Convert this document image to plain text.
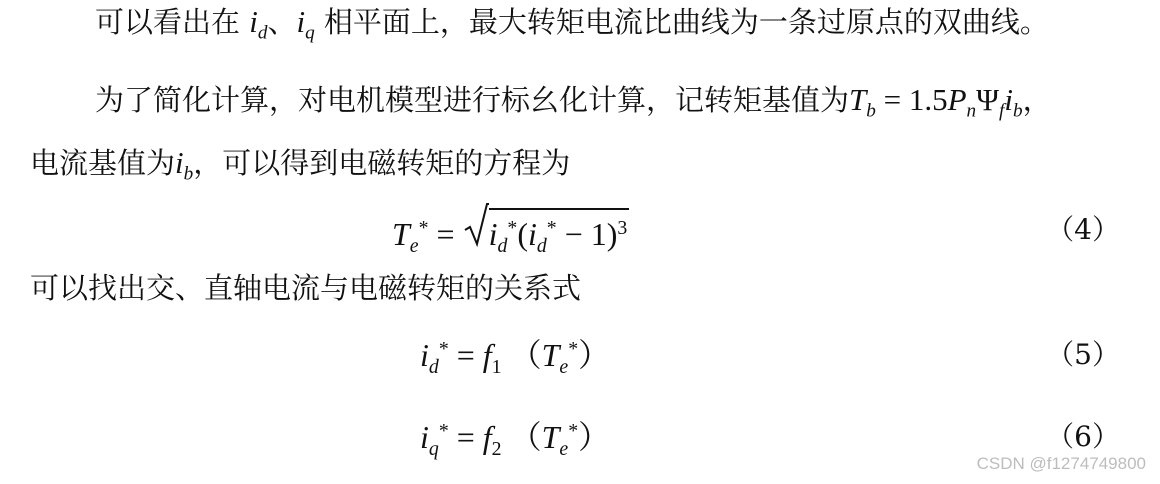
可以看出在 $i_d$、$i_q$ 相平面上，最大转矩电流比曲线为一条过原点的双曲线。
为了简化计算，对电机模型进行标幺化计算，记转矩基值为$T_b = 1.5P_n\Psi_fi_b$，
电流基值为$i_b$，可以得到电磁转矩的方程为
$T_e^* = i_d^*(i_d^* - 1)^3$	（4）
可以找出交、直轴电流与电磁转矩的关系式
$i_d^* = f_1$ $(T_e^*)$	（5）
$i_q^* = f_2$ $(T_e^*)$	（6）
CSDN @f1274749800
